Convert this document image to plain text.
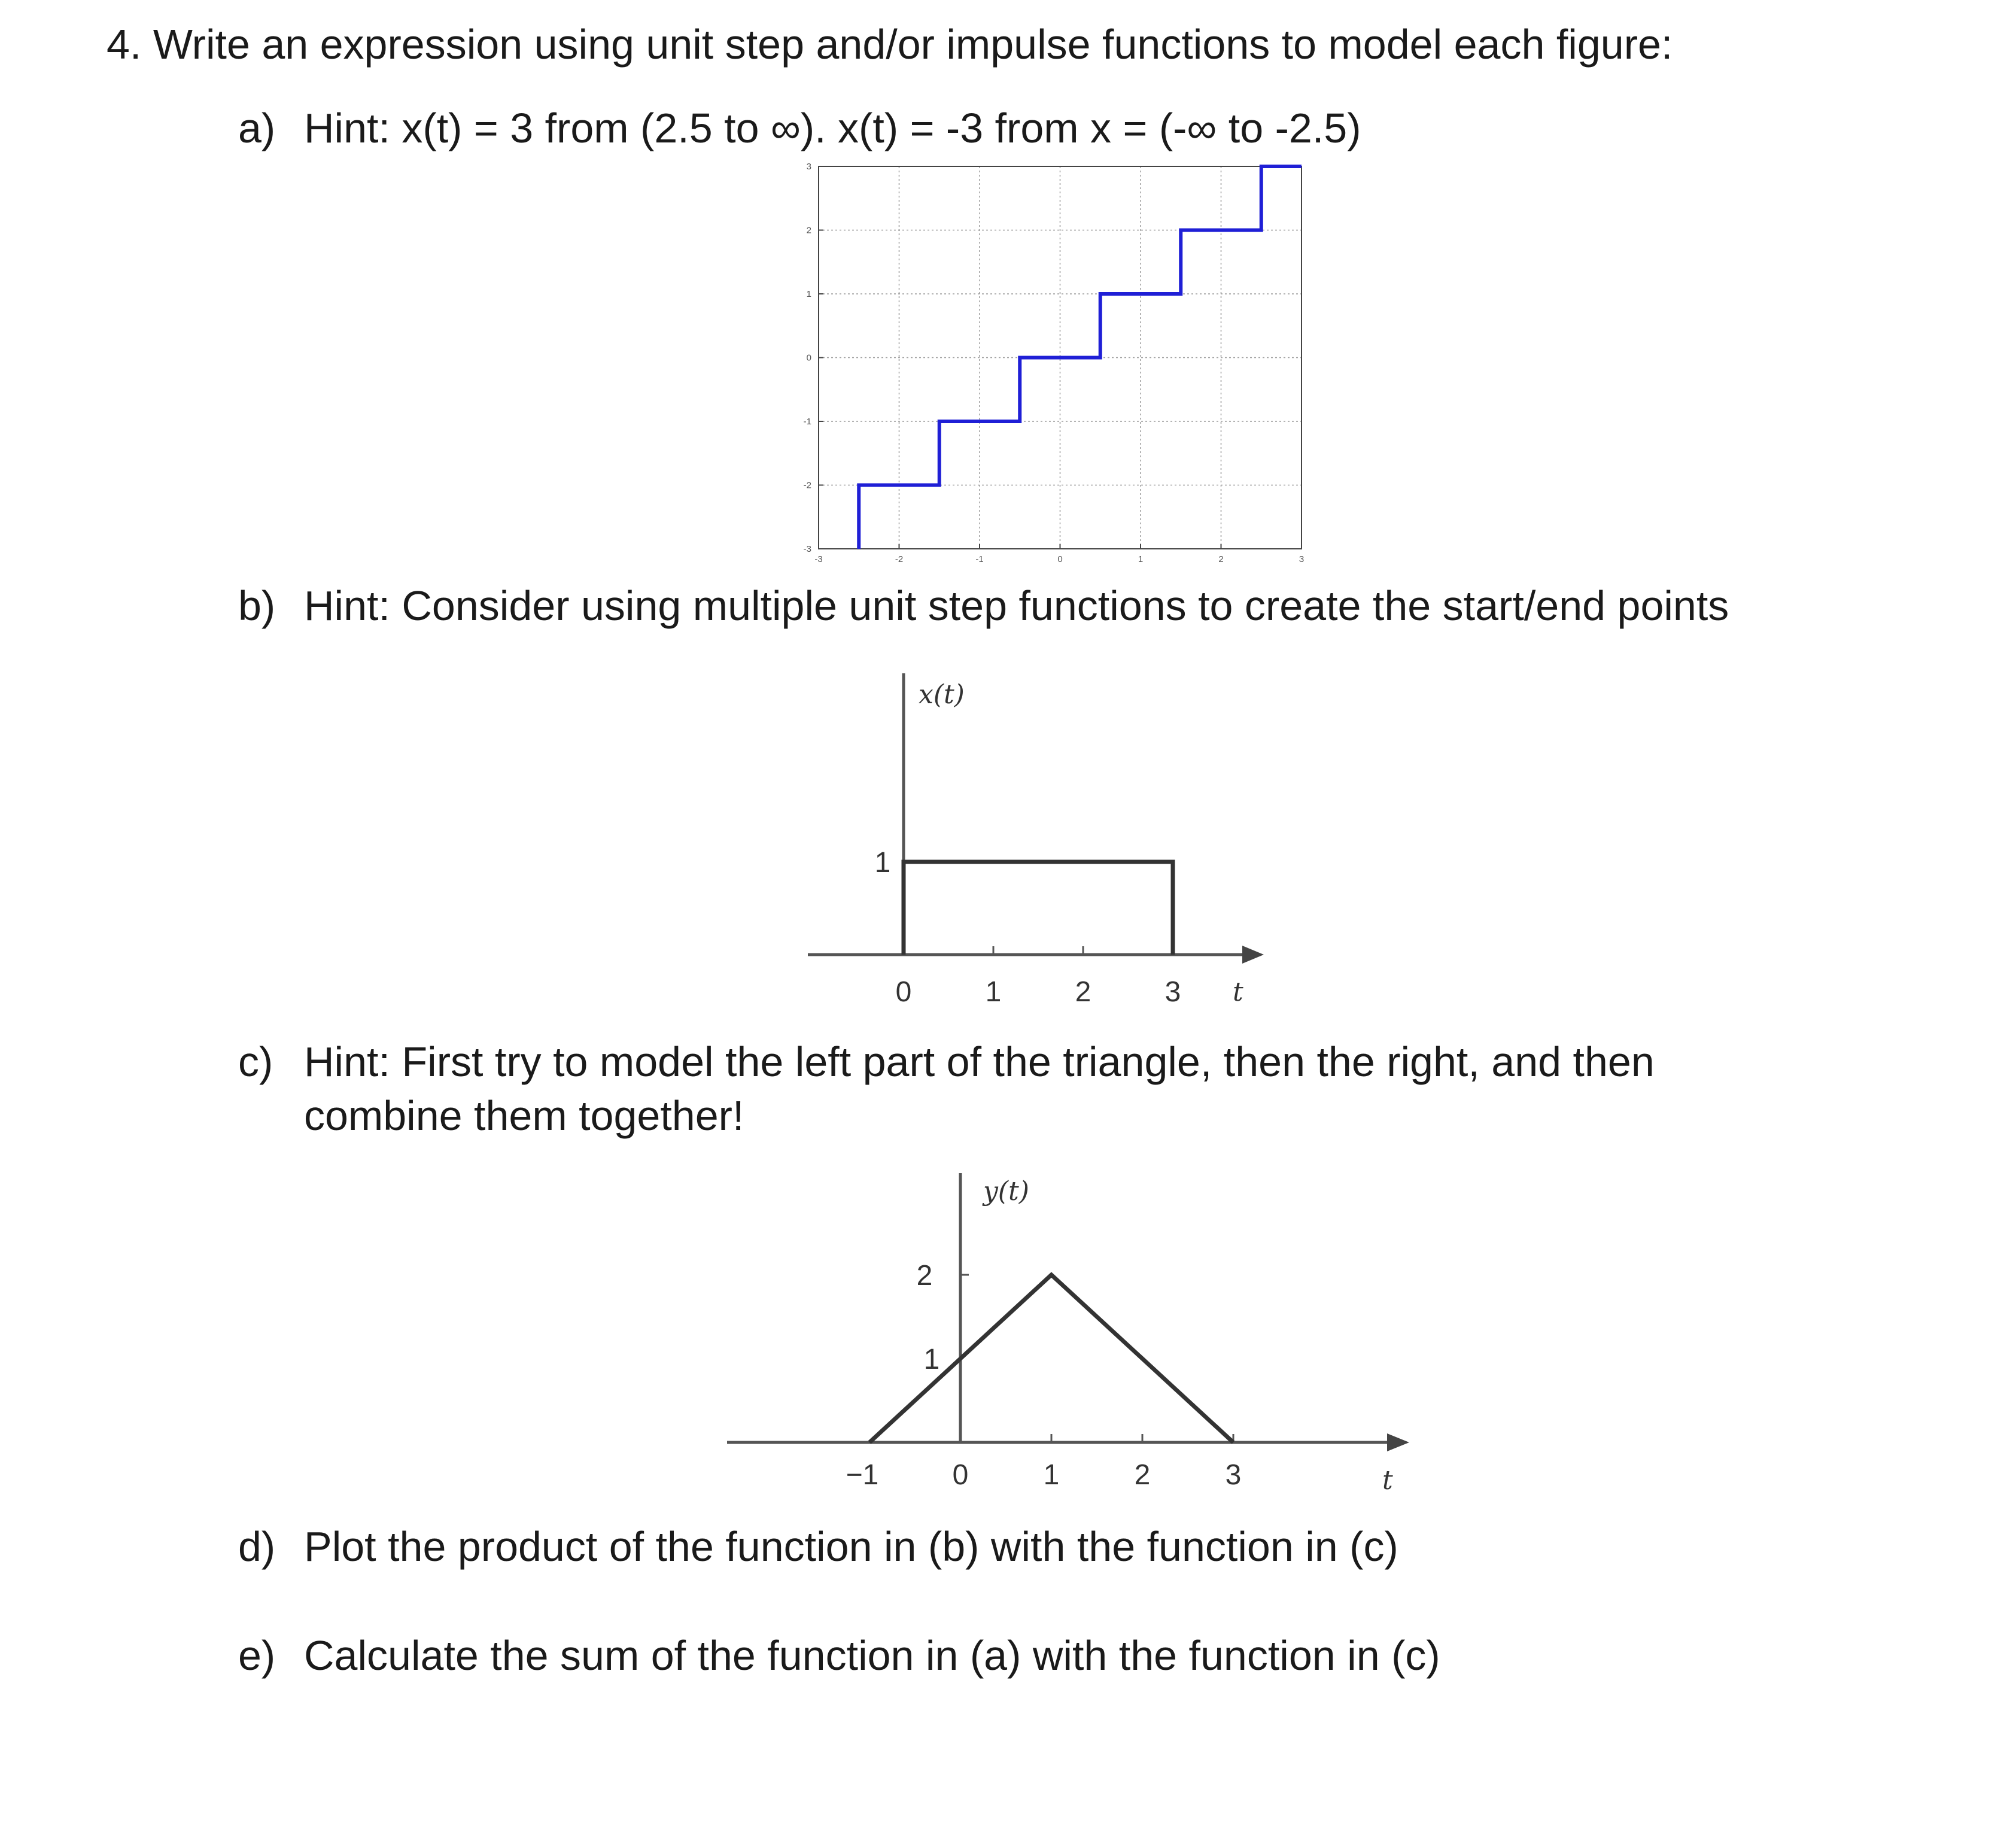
4. Write an expression using unit step and/or impulse functions to model each figure:

a) Hint: x(t) = 3 from (2.5 to ∞). x(t) = -3 from x = (-∞ to -2.5)
b) Hint: Consider using multiple unit step functions to create the start/end points
c) Hint: First try to model the left part of the triangle, then the right, and then
combine them together!
d) Plot the product of the function in (b) with the function in (c)
e) Calculate the sum of the function in (a) with the function in (c)
-3	-2	-1	0	1	2	3
-3
-2
-1
0
1
2
3
x(t)
0	1	2	3
1
t
y(t)
−1	0	1	2	3
1
2
t
